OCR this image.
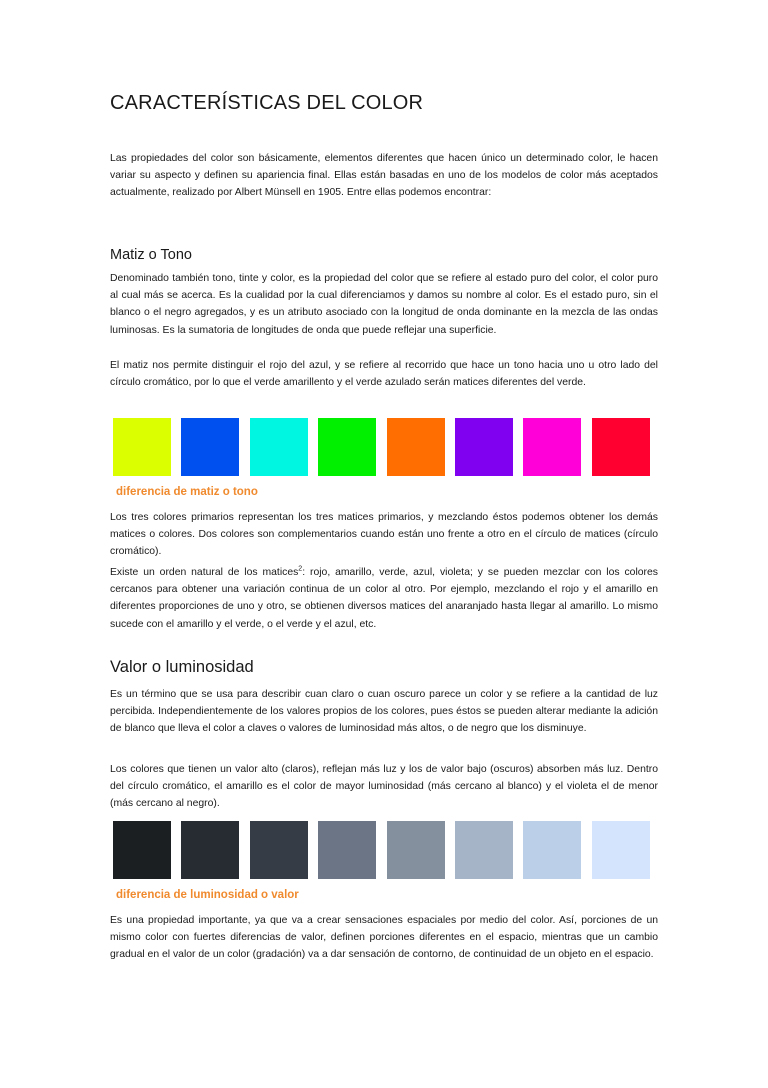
CARACTERÍSTICAS DEL COLOR

Las propiedades del color son básicamente, elementos diferentes que hacen único un determinado color, le hacen variar su aspecto y definen su apariencia final. Ellas están basadas en uno de los modelos de color más aceptados actualmente, realizado por Albert Münsell en 1905. Entre ellas podemos encontrar:

Matiz o Tono

Denominado también tono, tinte y color, es la propiedad del color que se refiere al estado puro del color, el color puro al cual más se acerca. Es la cualidad por la cual diferenciamos y damos su nombre al color. Es el estado puro, sin el blanco o el negro agregados, y es un atributo asociado con la longitud de onda dominante en la mezcla de las ondas luminosas. Es la sumatoria de longitudes de onda que puede reflejar una superficie.

El matiz nos permite distinguir el rojo del azul, y se refiere al recorrido que hace un tono hacia uno u otro lado del círculo cromático, por lo que el verde amarillento y el verde azulado serán matices diferentes del verde.

diferencia de matiz o tono

Los tres colores primarios representan los tres matices primarios, y mezclando éstos podemos obtener los demás matices o colores. Dos colores son complementarios cuando están uno frente a otro en el círculo de matices (círculo cromático).

Existe un orden natural de los matices$^2$: rojo, amarillo, verde, azul, violeta; y se pueden mezclar con los colores cercanos para obtener una variación continua de un color al otro. Por ejemplo, mezclando el rojo y el amarillo en diferentes proporciones de uno y otro, se obtienen diversos matices del anaranjado hasta llegar al amarillo. Lo mismo sucede con el amarillo y el verde, o el verde y el azul, etc.

Valor o luminosidad

Es un término que se usa para describir cuan claro o cuan oscuro parece un color y se refiere a la cantidad de luz percibida. Independientemente de los valores propios de los colores, pues éstos se pueden alterar mediante la adición de blanco que lleva el color a claves o valores de luminosidad más altos, o de negro que los disminuye.

Los colores que tienen un valor alto (claros), reflejan más luz y los de valor bajo (oscuros) absorben más luz. Dentro del círculo cromático, el amarillo es el color de mayor luminosidad (más cercano al blanco) y el violeta el de menor (más cercano al negro).

diferencia de luminosidad o valor

Es una propiedad importante, ya que va a crear sensaciones espaciales por medio del color. Así, porciones de un mismo color con fuertes diferencias de valor, definen porciones diferentes en el espacio, mientras que un cambio gradual en el valor de un color (gradación) va a dar sensación de contorno, de continuidad de un objeto en el espacio.
